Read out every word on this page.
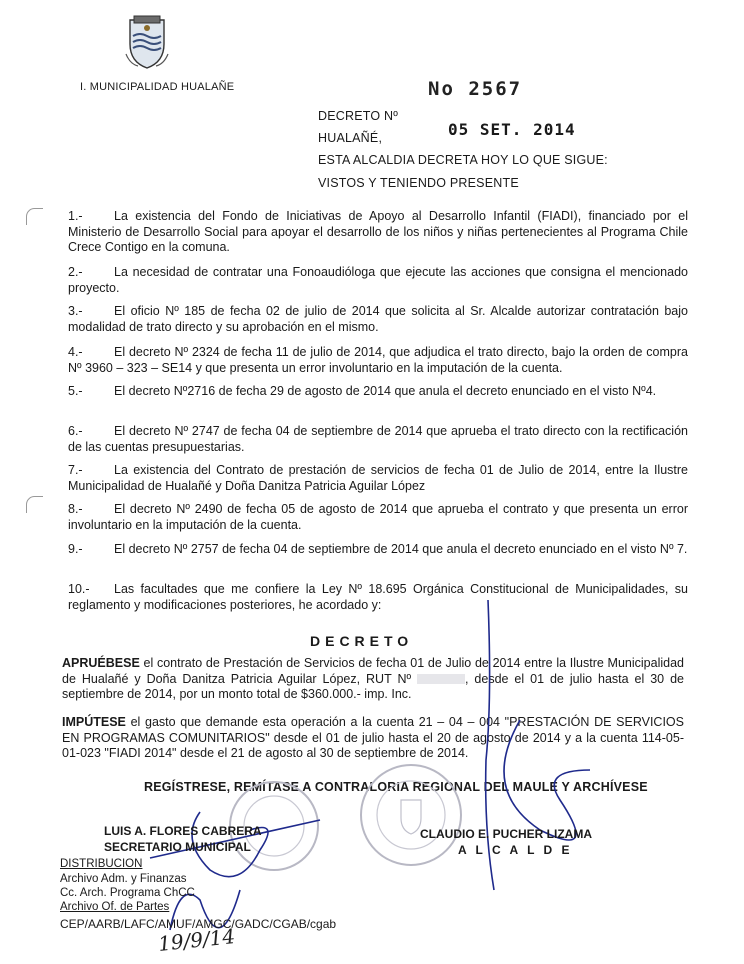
I. MUNICIPALIDAD HUALAÑE	No 2567
DECRETO Nº
HUALAÑÉ,	05 SET. 2014
ESTA ALCALDIA DECRETA HOY LO QUE SIGUE:
VISTOS Y TENIENDO PRESENTE
1.-	La existencia del Fondo de Iniciativas de Apoyo al Desarrollo Infantil (FIADI), financiado por el Ministerio de Desarrollo Social para apoyar el desarrollo de los niños y niñas pertenecientes al Programa Chile Crece Contigo en la comuna.
2.-	La necesidad de contratar una Fonoaudióloga que ejecute las acciones que consigna el mencionado proyecto.
3.-	El oficio Nº 185 de fecha 02 de julio de 2014 que solicita al Sr. Alcalde autorizar contratación bajo modalidad de trato directo y su aprobación en el mismo.
4.-	El decreto Nº 2324 de fecha 11 de julio de 2014, que adjudica el trato directo, bajo la orden de compra Nº 3960 – 323 – SE14 y que presenta un error involuntario en la imputación de la cuenta.
5.-	El decreto Nº2716 de fecha 29 de agosto de 2014 que anula el decreto enunciado en el visto Nº4.
6.-	El decreto Nº 2747 de fecha 04 de septiembre de 2014 que aprueba el trato directo con la rectificación de las cuentas presupuestarias.
7.-	La existencia del Contrato de prestación de servicios de fecha 01 de Julio de 2014, entre la Ilustre Municipalidad de Hualañé y Doña Danitza Patricia Aguilar López
8.-	El decreto Nº 2490 de fecha 05 de agosto de 2014 que aprueba el contrato y que presenta un error involuntario en la imputación de la cuenta.
9.-	El decreto Nº 2757 de fecha 04 de septiembre de 2014 que anula el decreto enunciado en el visto Nº 7.
10.- Las facultades que me confiere la Ley Nº 18.695 Orgánica Constitucional de Municipalidades, su reglamento y modificaciones posteriores, he acordado y:
DECRETO
APRUÉBESE el contrato de Prestación de Servicios de fecha 01 de Julio de 2014 entre la Ilustre Municipalidad de Hualañé y Doña Danitza Patricia Aguilar López, RUT Nº	, desde el 01 de julio hasta el 30 de septiembre de 2014, por un monto total de $360.000.- imp. Inc.
IMPÚTESE el gasto que demande esta operación a la cuenta 21 – 04 – 004 "PRESTACIÓN DE SERVICIOS EN PROGRAMAS COMUNITARIOS" desde el 01 de julio hasta el 20 de agosto de 2014 y a la cuenta 114-05-01-023 "FIADI 2014" desde el 21 de agosto al 30 de septiembre de 2014.
REGÍSTRESE, REMÍTASE A CONTRALORIA REGIONAL DEL MAULE Y ARCHÍVESE
LUIS A. FLORES CABRERA
SECRETARIO MUNICIPAL
CLAUDIO E. PUCHER LIZAMA
A L C A L D E
DISTRIBUCION
Archivo Adm. y Finanzas
Cc. Arch. Programa ChCC
Archivo Of. de Partes
CEP/AARB/LAFC/AMUF/AMGC/GADC/CGAB/cgab
19/9/14
